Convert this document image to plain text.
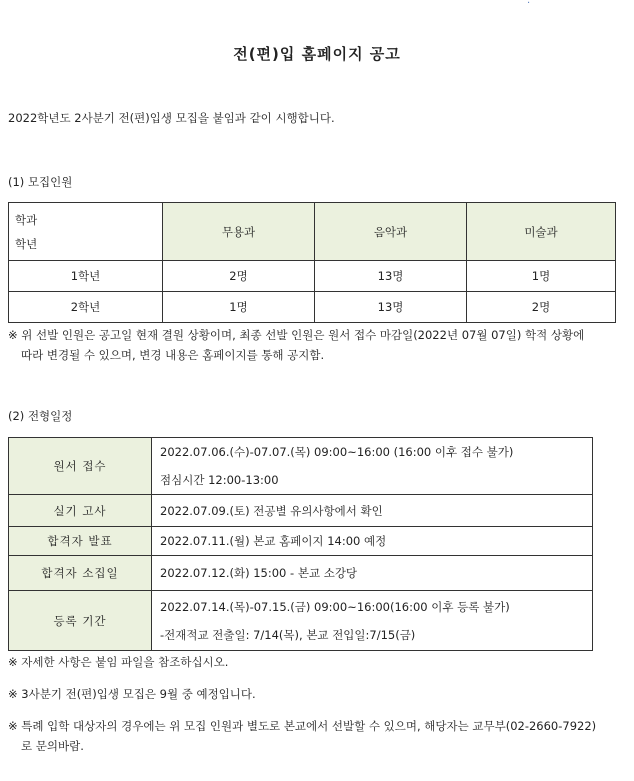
·
전(편)입 홈페이지 공고
2022학년도 2사분기 전(편)입생 모집을 붙임과 같이 시행합니다.
(1) 모집인원
학과
학년	무용과	음악과	미술과
1학년	2명	13명	1명
2학년	1명	13명	2명
※ 위 선발 인원은 공고일 현재 결원 상황이며, 최종 선발 인원은 원서 접수 마감일(2022년 07월 07일) 학적 상황에
따라 변경될 수 있으며, 변경 내용은 홈페이지를 통해 공지함.
(2) 전형일정
원서 접수	2022.07.06.(수)-07.07.(목) 09:00~16:00 (16:00 이후 접수 불가)
점심시간 12:00-13:00

실기 고사	2022.07.09.(토) 전공별 유의사항에서 확인
합격자 발표	2022.07.11.(월) 본교 홈페이지 14:00 예정
합격자 소집일	2022.07.12.(화) 15:00 - 본교 소강당
등록 기간	2022.07.14.(목)-07.15.(금) 09:00~16:00(16:00 이후 등록 불가)
-전재적교 전출일: 7/14(목), 본교 전입일:7/15(금)
※ 자세한 사항은 붙임 파일을 참조하십시오.
※ 3사분기 전(편)입생 모집은 9월 중 예정입니다.
※ 특례 입학 대상자의 경우에는 위 모집 인원과 별도로 본교에서 선발할 수 있으며, 해당자는 교무부(02-2660-7922)
로 문의바람.
